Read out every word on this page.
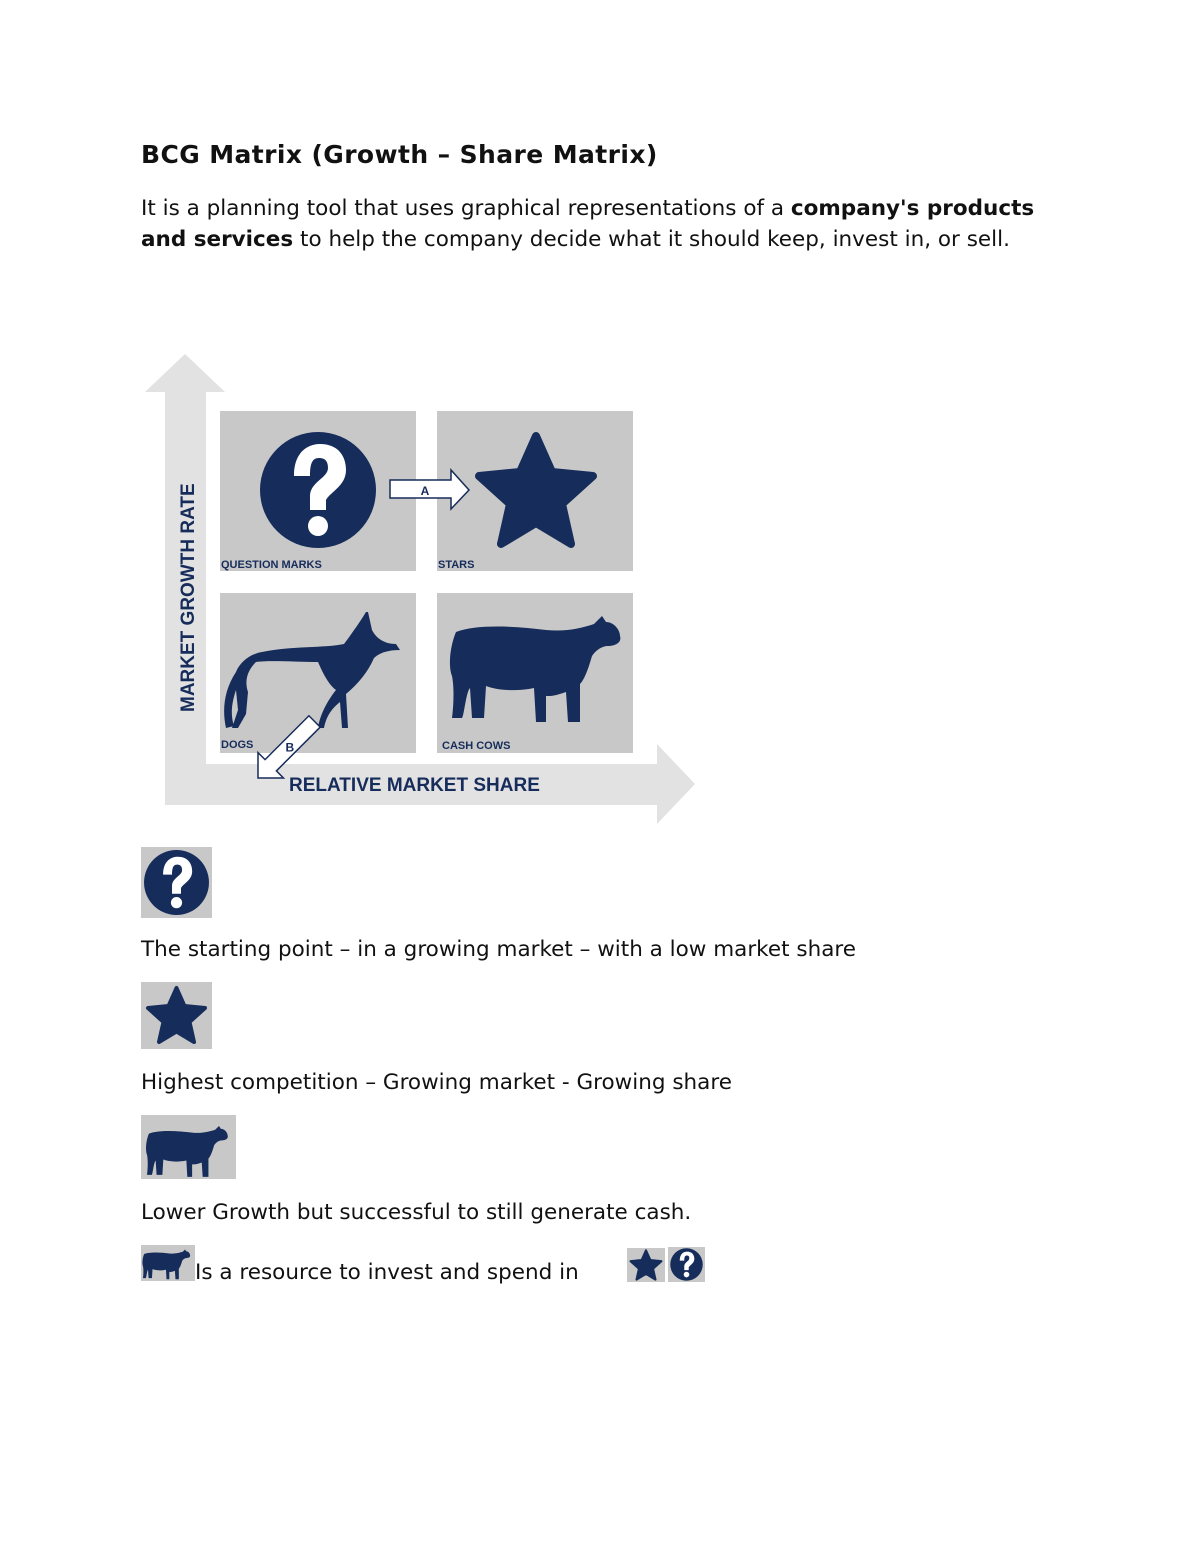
BCG Matrix (Growth – Share Matrix)

It is a planning tool that uses graphical representations of a company's products and services to help the company decide what it should keep, invest in, or sell.

A
B
QUESTION MARKS	STARS
DOGS	CASH COWS
MARKET GROWTH RATE
RELATIVE MARKET SHARE

The starting point – in a growing market – with a low market share

Highest competition – Growing market - Growing share

Lower Growth but successful to still generate cash.

Is a resource to invest and spend in
